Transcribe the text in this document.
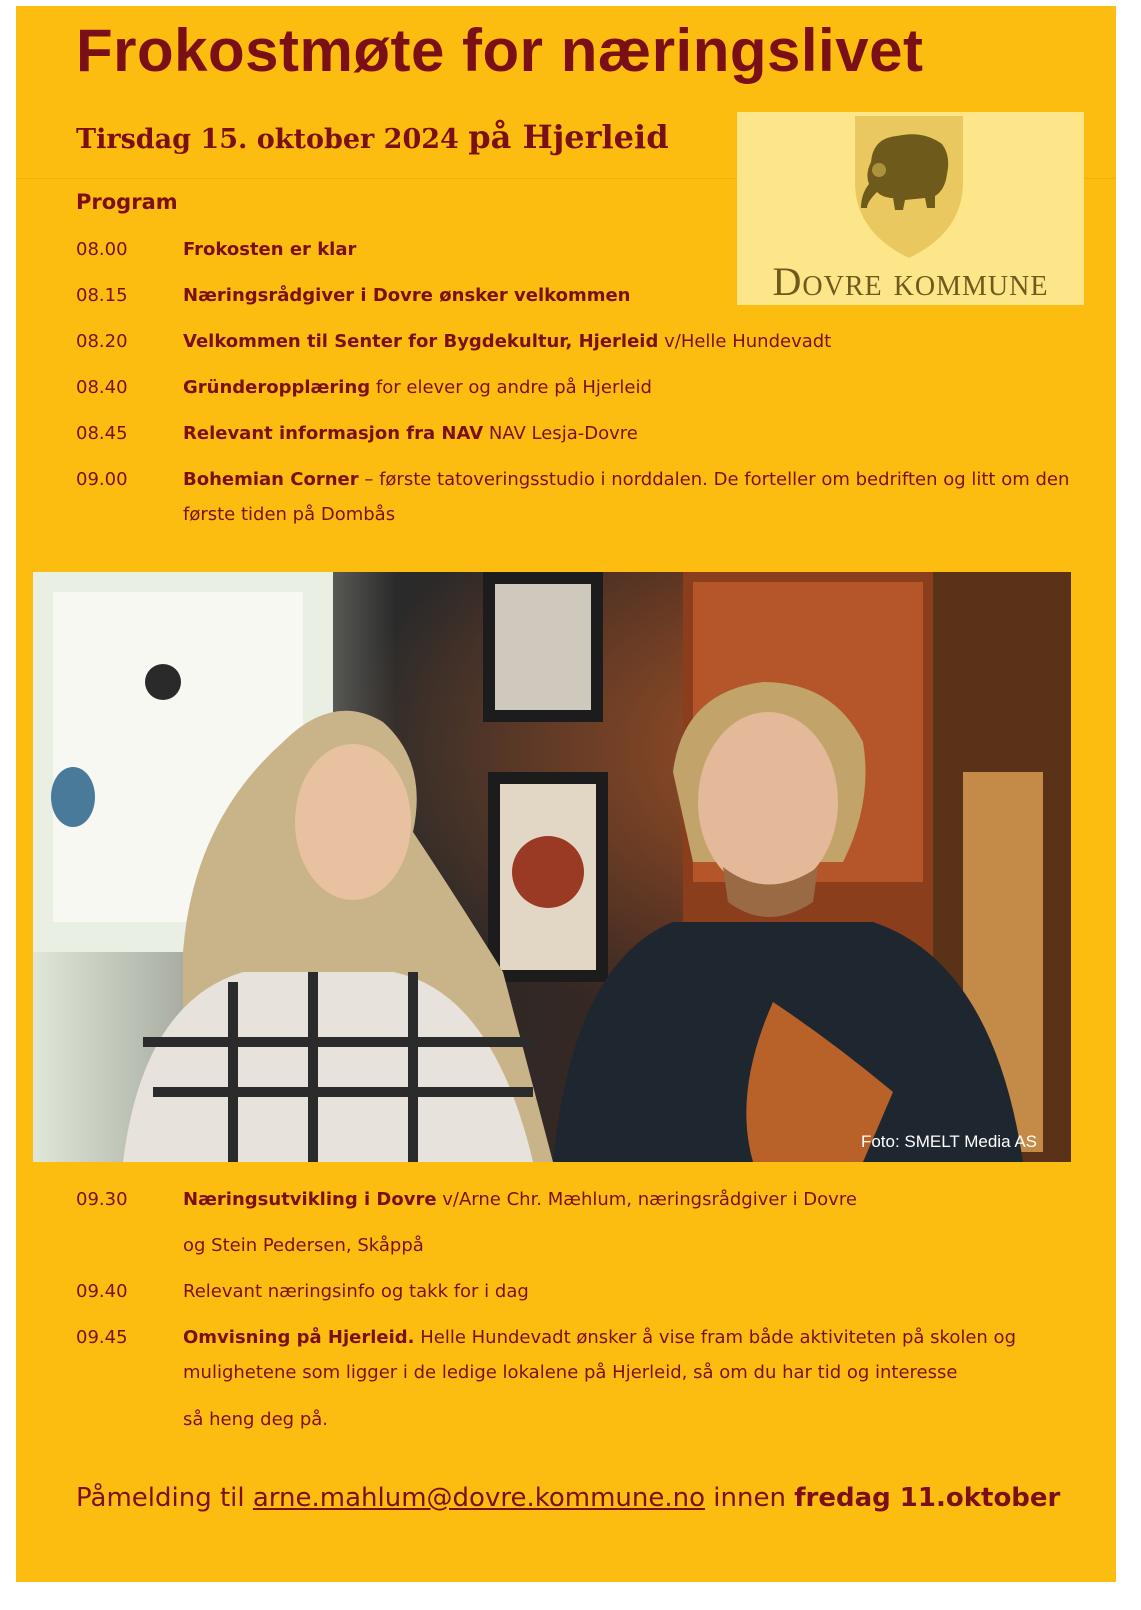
Frokostmøte for næringslivet
Tirsdag 15. oktober 2024 på Hjerleid
Dovre kommune
Program
08.00	Frokosten er klar
08.15	Næringsrådgiver i Dovre ønsker velkommen
08.20	Velkommen til Senter for Bygdekultur, Hjerleid v/Helle Hundevadt
08.40	Gründeropplæring for elever og andre på Hjerleid
08.45	Relevant informasjon fra NAV NAV Lesja-Dovre
09.00	Bohemian Corner – første tatoveringsstudio i norddalen. De forteller om bedriften og litt om den første tiden på Dombås
Foto: SMELT Media AS
09.30	Næringsutvikling i Dovre v/Arne Chr. Mæhlum, næringsrådgiver i Dovre
og Stein Pedersen, Skåppå
09.40	Relevant næringsinfo og takk for i dag
09.45	Omvisning på Hjerleid. Helle Hundevadt ønsker å vise fram både aktiviteten på skolen og mulighetene som ligger i de ledige lokalene på Hjerleid, så om du har tid og interesse
så heng deg på.
Påmelding til arne.mahlum@dovre.kommune.no innen fredag 11.oktober
